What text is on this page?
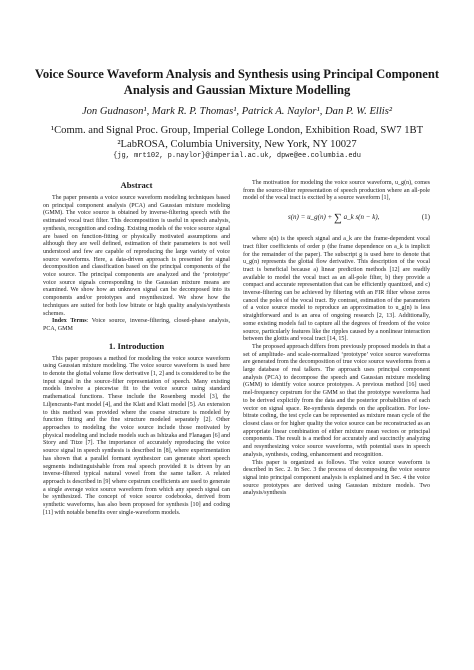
Voice Source Waveform Analysis and Synthesis using Principal Component Analysis and Gaussian Mixture Modelling
Jon Gudnason¹, Mark R. P. Thomas¹, Patrick A. Naylor¹, Dan P. W. Ellis²
¹Comm. and Signal Proc. Group, Imperial College London, Exhibition Road, SW7 1BT
²LabROSA, Columbia University, New York, NY 10027
{jg, mrt102, p.naylor}@imperial.ac.uk, dpwe@ee.columbia.edu
Abstract

The paper presents a voice source waveform modeling techniques based on principal component analysis (PCA) and Gaussian mixture modeling (GMM). The voice source is obtained by inverse-filtering speech with the estimated vocal tract filter. This decomposition is useful in speech analysis, synthesis, recognition and coding. Existing models of the voice source signal are based on function-fitting or physically motivated assumptions and although they are well defined, estimation of their parameters is not well understood and few are capable of reproducing the large variety of voice source waveforms. Here, a data-driven approach is presented for signal decomposition and classification based on the principal components of the voice source. The principal components are analyzed and the ‘prototype’ voice source signals corresponding to the Gaussian mixture means are examined. We show how an unknown signal can be decomposed into its components and/or prototypes and resynthesized. We show how the techniques are suited for both low bitrate or high quality analysis/synthesis schemes.

Index Terms: Voice source, inverse-filtering, closed-phase analysis, PCA, GMM

1. Introduction

This paper proposes a method for modeling the voice source waveform using Gaussian mixture modeling. The voice source waveform is used here to denote the glottal volume flow derivative [1, 2] and is considered to be the input signal in the source-filter representation of speech. Many existing models involve a piecewise fit to the voice source using standard mathematical functions. These include the Rosenberg model [3], the Liljencrants-Fant model [4], and the Klatt and Klatt model [5]. An extension to this method was provided where the coarse structure is modeled by function fitting and the fine structure modeled separately [2]. Other approaches to modeling the voice source include those motivated by physical modeling and include models such as Ishizaka and Flanagan [6] and Story and Titze [7]. The importance of accurately reproducing the voice source signal in speech synthesis is described in [8], where experimentation has shown that a parallel formant synthesizer can generate short speech segments indistinguishable from real speech provided it is driven by an inverse-filtered typical natural vowel from the same talker. A related approach is described in [9] where cepstrum coefficients are used to generate a single average voice source waveform from which any speech signal can be synthesized. The concept of voice source codebooks, derived from synthetic waveforms, has also been proposed for synthesis [10] and coding [11] with notable benefits over single-waveform models.

The motivation for modeling the voice source waveform, u_g(n), comes from the source-filter representation of speech production where an all-pole model of the vocal tract is excited by a source waveform [1],

s(n) = u_g(n) + ∑ a_k s(n − k),	(1)

where s(n) is the speech signal and a_k are the frame-dependent vocal tract filter coefficients of order p (the frame dependence on a_k is implicit for the remainder of the paper). The subscript g is used here to denote that u_g(n) represents the glottal flow derivative. This description of the vocal tract is beneficial because a) linear prediction methods [12] are readily available to model the vocal tract as an all-pole filter, b) they provide a compact and accurate representation that can be efficiently quantized, and c) inverse-filtering can be achieved by filtering with an FIR filter whose zeros cancel the poles of the vocal tract. By contrast, estimation of the parameters of a voice source model to reproduce an approximation to u_g(n) is less straightforward and is an area of ongoing research [2, 13]. Additionally, some existing models fail to capture all the degrees of freedom of the voice source, particularly features like the ripples caused by a nonlinear interaction between the glottis and vocal tract [14, 15].

The proposed approach differs from previously proposed models in that a set of amplitude- and scale-normalized ‘prototype’ voice source waveforms are generated from the decomposition of true voice source waveforms from a large database of real talkers. The approach uses principal component analysis (PCA) to decompose the speech and Gaussian mixture modeling (GMM) to identify voice source prototypes. A previous method [16] used mel-frequency cepstrum for the GMM so that the prototype waveforms had to be derived explicitly from the data and the posterior probabilities of each vector on signal space. Re-synthesis depends on the application. For low-bitrate coding, the test cycle can be represented as mixture mean cycle of the closest class or for higher quality the voice source can be reconstructed as an appropriate linear combination of either mixture mean vectors or principal components. The result is a method for accurately and succinctly analyzing and resynthesizing voice source waveforms, with potential uses in speech analysis, synthesis, coding, enhancement and recognition.

This paper is organized as follows. The voice source waveform is described in Sec. 2. In Sec. 3 the process of decomposing the voice source signal into principal component analysis is explained and in Sec. 4 the voice source prototypes are derived using Gaussian mixture models. Two analysis/synthesis
